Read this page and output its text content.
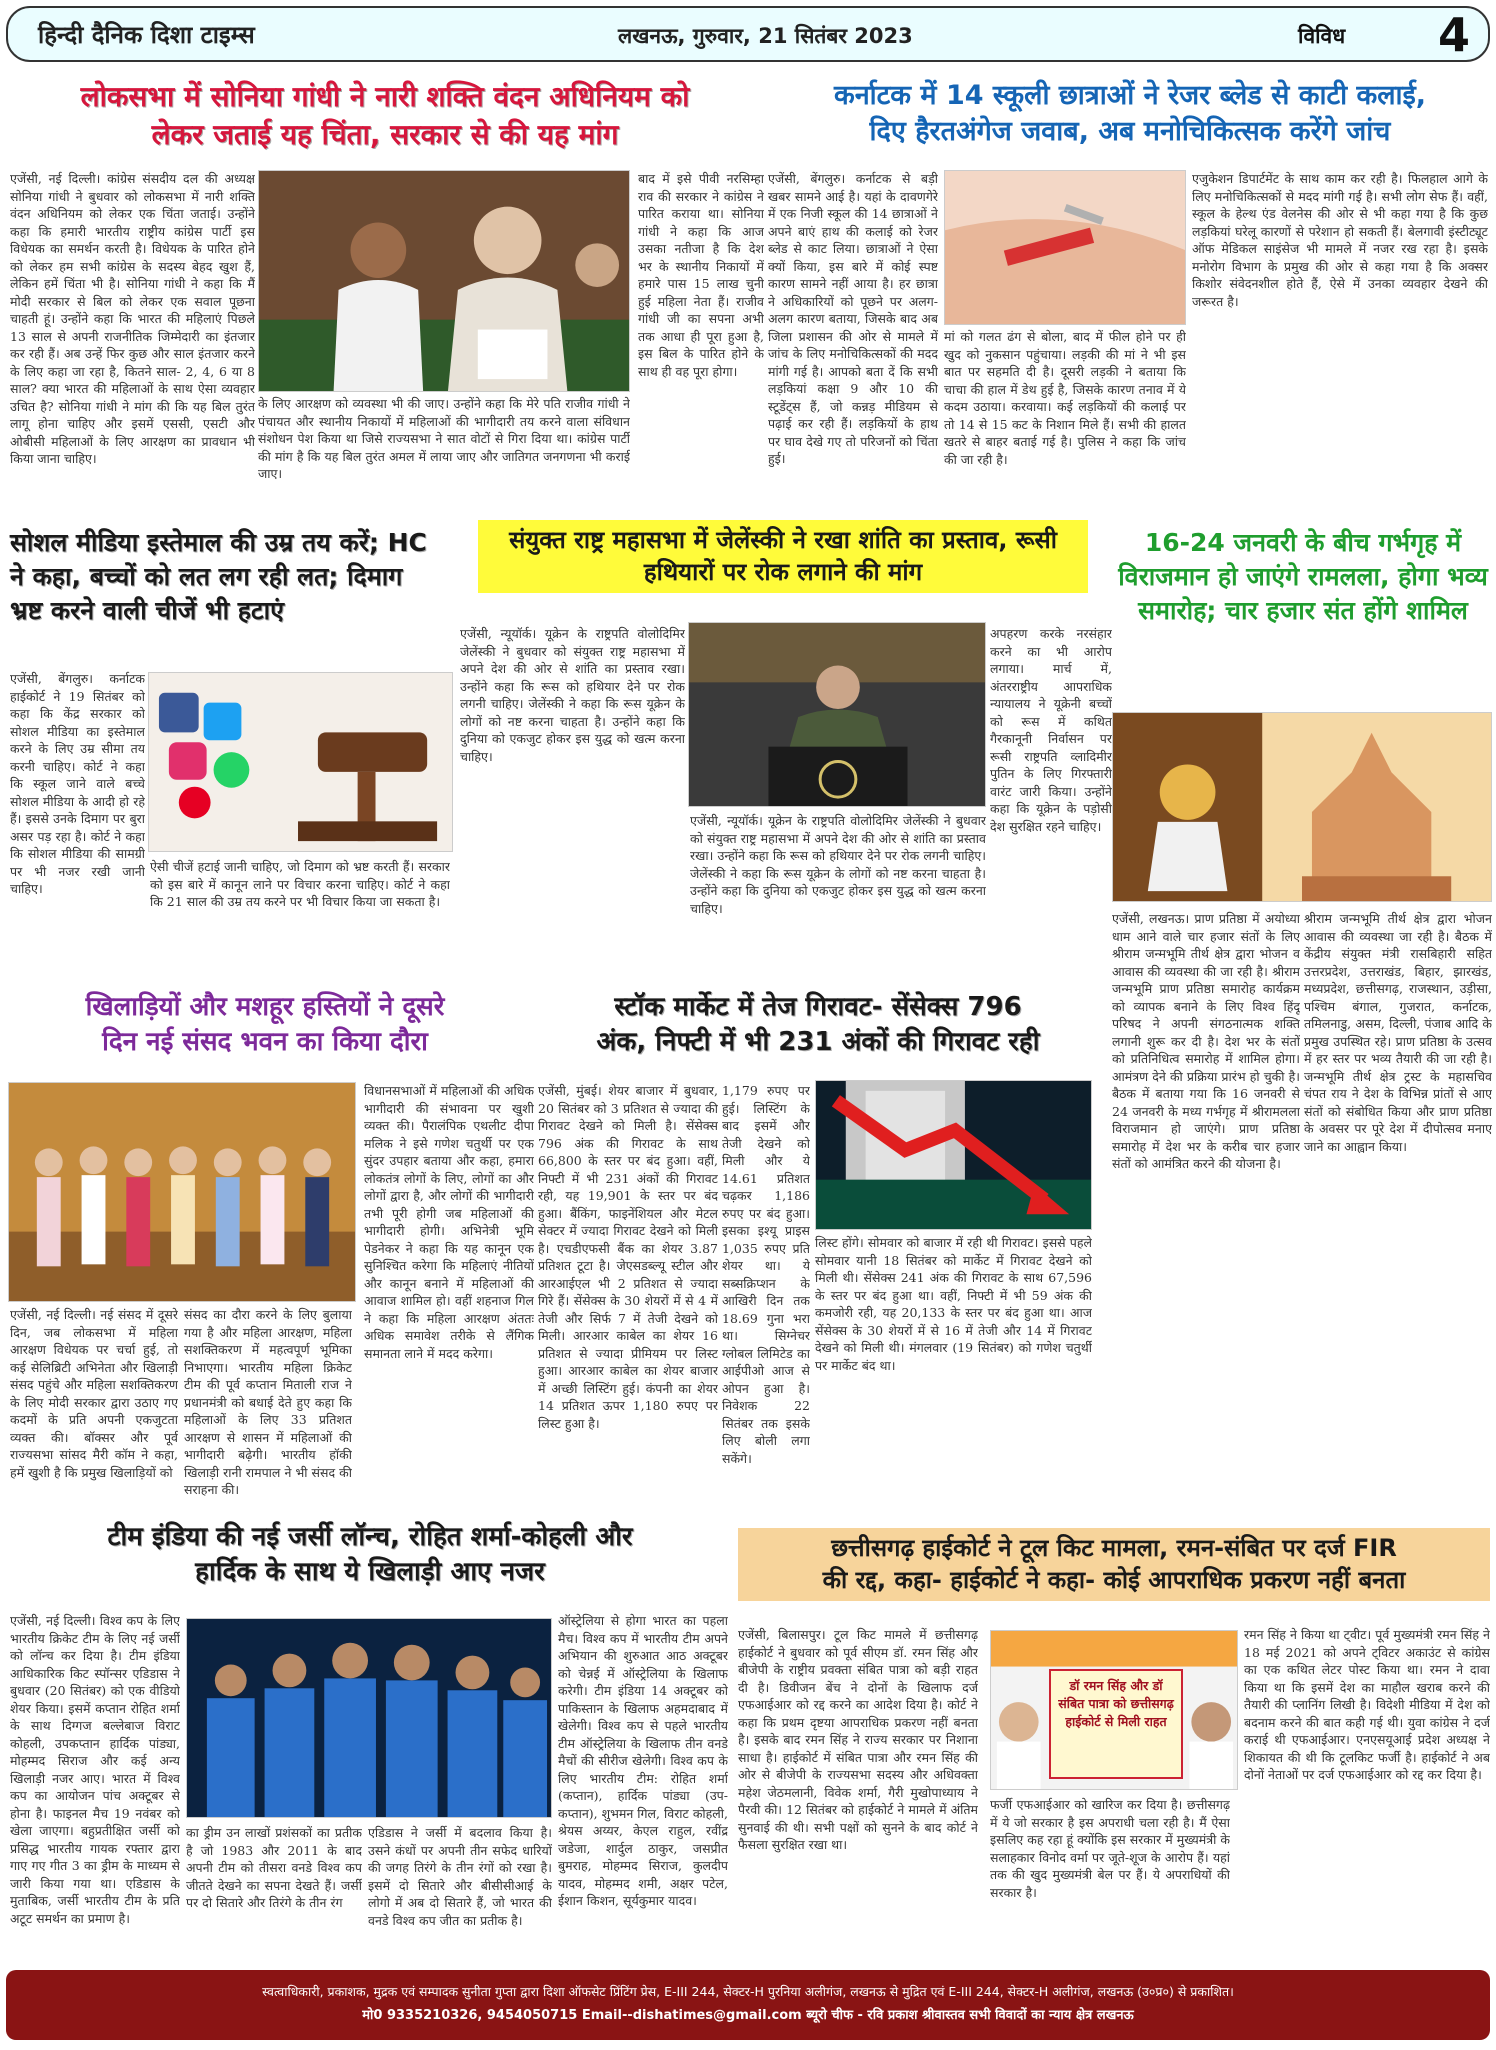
हिन्दी दैनिक दिशा टाइम्स	लखनऊ, गुरुवार, 21 सितंबर 2023	विविध 4
लोकसभा में सोनिया गांधी ने नारी शक्ति वंदन अधिनियम को
लेकर जताई यह चिंता, सरकार से की यह मांग
एजेंसी, नई दिल्ली। कांग्रेस संसदीय दल की अध्यक्ष सोनिया गांधी ने बुधवार को लोकसभा में नारी शक्ति वंदन अधिनियम को लेकर एक चिंता जताई। उन्होंने कहा कि हमारी भारतीय राष्ट्रीय कांग्रेस पार्टी इस विधेयक का समर्थन करती है। विधेयक के पारित होने को लेकर हम सभी कांग्रेस के सदस्य बेहद खुश हैं, लेकिन हमें चिंता भी है। सोनिया गांधी ने कहा कि मैं मोदी सरकार से बिल को लेकर एक सवाल पूछना चाहती हूं। उन्होंने कहा कि भारत की महिलाएं पिछले 13 साल से अपनी राजनीतिक जिम्मेदारी का इंतजार कर रही हैं। अब उन्हें फिर कुछ और साल इंतजार करने के लिए कहा जा रहा है, कितने साल- 2, 4, 6 या 8 साल? क्या भारत की महिलाओं के साथ ऐसा व्यवहार उचित है? सोनिया गांधी ने मांग की कि यह बिल तुरंत लागू होना चाहिए और इसमें एससी, एसटी और ओबीसी महिलाओं के लिए आरक्षण का प्रावधान भी किया जाना चाहिए।
के लिए आरक्षण को व्यवस्था भी की जाए। उन्होंने कहा कि मेरे पति राजीव गांधी ने पंचायत और स्थानीय निकायों में महिलाओं की भागीदारी तय करने वाला संविधान संशोधन पेश किया था जिसे राज्यसभा ने सात वोटों से गिरा दिया था। कांग्रेस पार्टी की मांग है कि यह बिल तुरंत अमल में लाया जाए और जातिगत जनगणना भी कराई जाए।
बाद में इसे पीवी नरसिम्हा राव की सरकार ने कांग्रेस ने पारित कराया था। सोनिया गांधी ने कहा कि आज उसका नतीजा है कि देश भर के स्थानीय निकायों में हमारे पास 15 लाख चुनी हुई महिला नेता हैं। राजीव गांधी जी का सपना अभी तक आधा ही पूरा हुआ है, इस बिल के पारित होने के साथ ही वह पूरा होगा।
कर्नाटक में 14 स्कूली छात्राओं ने रेजर ब्लेड से काटी कलाई,
दिए हैरतअंगेज जवाब, अब मनोचिकित्सक करेंगे जांच
एजेंसी, बेंगलुरु। कर्नाटक से बड़ी खबर सामने आई है। यहां के दावणगेरे में एक निजी स्कूल की 14 छात्राओं ने अपने बाएं हाथ की कलाई को रेजर ब्लेड से काट लिया। छात्राओं ने ऐसा क्यों किया, इस बारे में कोई स्पष्ट कारण सामने नहीं आया है। हर छात्रा ने अधिकारियों को पूछने पर अलग-अलग कारण बताया, जिसके बाद अब जिला प्रशासन की ओर से मामले में जांच के लिए मनोचिकित्सकों की मदद मांगी गई है। आपको बता दें कि सभी लड़कियां कक्षा 9 और 10 की स्टूडेंट्स हैं, जो कन्नड़ मीडियम से पढ़ाई कर रही हैं। लड़कियों के हाथ पर घाव देखे गए तो परिजनों को चिंता हुई।
मां को गलत ढंग से बोला, बाद में फील होने पर ही खुद को नुकसान पहुंचाया। लड़की की मां ने भी इस बात पर सहमति दी है। दूसरी लड़की ने बताया कि चाचा की हाल में डेथ हुई है, जिसके कारण तनाव में ये कदम उठाया। करवाया। कई लड़कियों की कलाई पर तो 14 से 15 कट के निशान मिले हैं। सभी की हालत खतरे से बाहर बताई गई है। पुलिस ने कहा कि जांच की जा रही है।
एजुकेशन डिपार्टमेंट के साथ काम कर रही है। फिलहाल आगे के लिए मनोचिकित्सकों से मदद मांगी गई है। सभी लोग सेफ हैं। वहीं, स्कूल के हेल्थ एंड वेलनेस की ओर से भी कहा गया है कि कुछ लड़कियां घरेलू कारणों से परेशान हो सकती हैं। बेलगावी इंस्टीट्यूट ऑफ मेडिकल साइंसेज भी मामले में नजर रख रहा है। इसके मनोरोग विभाग के प्रमुख की ओर से कहा गया है कि अक्सर किशोर संवेदनशील होते हैं, ऐसे में उनका व्यवहार देखने की जरूरत है।
सोशल मीडिया इस्तेमाल की उम्र तय करें; HC ने कहा, बच्चों को लत लग रही लत; दिमाग भ्रष्ट करने वाली चीजें भी हटाएं
एजेंसी, बेंगलुरु। कर्नाटक हाईकोर्ट ने 19 सितंबर को कहा कि केंद्र सरकार को सोशल मीडिया का इस्तेमाल करने के लिए उम्र सीमा तय करनी चाहिए। कोर्ट ने कहा कि स्कूल जाने वाले बच्चे सोशल मीडिया के आदी हो रहे हैं। इससे उनके दिमाग पर बुरा असर पड़ रहा है। कोर्ट ने कहा कि सोशल मीडिया की सामग्री पर भी नजर रखी जानी चाहिए।
ऐसी चीजें हटाई जानी चाहिए, जो दिमाग को भ्रष्ट करती हैं। सरकार को इस बारे में कानून लाने पर विचार करना चाहिए। कोर्ट ने कहा कि 21 साल की उम्र तय करने पर भी विचार किया जा सकता है।
संयुक्त राष्ट्र महासभा में जेलेंस्की ने रखा शांति का प्रस्ताव, रूसी हथियारों पर रोक लगाने की मांग
एजेंसी, न्यूयॉर्क। यूक्रेन के राष्ट्रपति वोलोदिमिर जेलेंस्की ने बुधवार को संयुक्त राष्ट्र महासभा में अपने देश की ओर से शांति का प्रस्ताव रखा। उन्होंने कहा कि रूस को हथियार देने पर रोक लगनी चाहिए। जेलेंस्की ने कहा कि रूस यूक्रेन के लोगों को नष्ट करना चाहता है। उन्होंने कहा कि दुनिया को एकजुट होकर इस युद्ध को खत्म करना चाहिए।
एजेंसी, न्यूयॉर्क। यूक्रेन के राष्ट्रपति वोलोदिमिर जेलेंस्की ने बुधवार को संयुक्त राष्ट्र महासभा में अपने देश की ओर से शांति का प्रस्ताव रखा। उन्होंने कहा कि रूस को हथियार देने पर रोक लगनी चाहिए। जेलेंस्की ने कहा कि रूस यूक्रेन के लोगों को नष्ट करना चाहता है। उन्होंने कहा कि दुनिया को एकजुट होकर इस युद्ध को खत्म करना चाहिए।
अपहरण करके नरसंहार करने का भी आरोप लगाया। मार्च में, अंतरराष्ट्रीय आपराधिक न्यायालय ने यूक्रेनी बच्चों को रूस में कथित गैरकानूनी निर्वासन पर रूसी राष्ट्रपति व्लादिमीर पुतिन के लिए गिरफ्तारी वारंट जारी किया। उन्होंने कहा कि यूक्रेन के पड़ोसी देश सुरक्षित रहने चाहिए।
16-24 जनवरी के बीच गर्भगृह में विराजमान हो जाएंगे रामलला, होगा भव्य समारोह; चार हजार संत होंगे शामिल
एजेंसी, लखनऊ। प्राण प्रतिष्ठा में अयोध्या धाम आने वाले चार हजार संतों के लिए श्रीराम जन्मभूमि तीर्थ क्षेत्र द्वारा भोजन व आवास की व्यवस्था की जा रही है। श्रीराम जन्मभूमि प्राण प्रतिष्ठा समारोह कार्यक्रम को व्यापक बनाने के लिए विश्व हिंदू परिषद ने अपनी संगठनात्मक शक्ति लगानी शुरू कर दी है। देश भर के संतों को प्रतिनिधित्व समारोह में शामिल होगा। आमंत्रण देने की प्रक्रिया प्रारंभ हो चुकी है। बैठक में बताया गया कि 16 जनवरी से 24 जनवरी के मध्य गर्भगृह में श्रीरामलला विराजमान हो जाएंगे। प्राण प्रतिष्ठा समारोह में देश भर के करीब चार हजार संतों को आमंत्रित करने की योजना है।
श्रीराम जन्मभूमि तीर्थ क्षेत्र द्वारा भोजन आवास की व्यवस्था जा रही है। बैठक में केंद्रीय संयुक्त मंत्री रासबिहारी सहित उत्तरप्रदेश, उत्तराखंड, बिहार, झारखंड, मध्यप्रदेश, छत्तीसगढ़, राजस्थान, उड़ीसा, पश्चिम बंगाल, गुजरात, कर्नाटक, तमिलनाडु, असम, दिल्ली, पंजाब आदि के प्रमुख उपस्थित रहे। प्राण प्रतिष्ठा के उत्सव में हर स्तर पर भव्य तैयारी की जा रही है। जन्मभूमि तीर्थ क्षेत्र ट्रस्ट के महासचिव चंपत राय ने देश के विभिन्न प्रांतों से आए संतों को संबोधित किया और प्राण प्रतिष्ठा के अवसर पर पूरे देश में दीपोत्सव मनाए जाने का आह्वान किया।
खिलाड़ियों और मशहूर हस्तियों ने दूसरे
दिन नई संसद भवन का किया दौरा
एजेंसी, नई दिल्ली। नई संसद में दूसरे दिन, जब लोकसभा में महिला आरक्षण विधेयक पर चर्चा हुई, तो कई सेलिब्रिटी अभिनेता और खिलाड़ी संसद पहुंचे और महिला सशक्तिकरण के लिए मोदी सरकार द्वारा उठाए गए कदमों के प्रति अपनी एकजुटता व्यक्त की। बॉक्सर और पूर्व राज्यसभा सांसद मैरी कॉम ने कहा, हमें खुशी है कि प्रमुख खिलाड़ियों को
संसद का दौरा करने के लिए बुलाया गया है और महिला आरक्षण, महिला सशक्तिकरण में महत्वपूर्ण भूमिका निभाएगा। भारतीय महिला क्रिकेट टीम की पूर्व कप्तान मिताली राज ने प्रधानमंत्री को बधाई देते हुए कहा कि महिलाओं के लिए 33 प्रतिशत आरक्षण से शासन में महिलाओं की भागीदारी बढ़ेगी। भारतीय हॉकी खिलाड़ी रानी रामपाल ने भी संसद की सराहना की।
विधानसभाओं में महिलाओं की अधिक भागीदारी की संभावना पर खुशी व्यक्त की। पैरालंपिक एथलीट दीपा मलिक ने इसे गणेश चतुर्थी पर एक सुंदर उपहार बताया और कहा, हमारा लोकतंत्र लोगों के लिए, लोगों का और लोगों द्वारा है, और लोगों की भागीदारी तभी पूरी होगी जब महिलाओं की भागीदारी होगी। अभिनेत्री भूमि पेडनेकर ने कहा कि यह कानून एक सुनिश्चित करेगा कि महिलाएं नीतियों और कानून बनाने में महिलाओं की आवाज शामिल हो। वहीं शहनाज गिल ने कहा कि महिला आरक्षण अंततः अधिक समावेश तरीके से लैंगिक समानता लाने में मदद करेगा।
स्टॉक मार्केट में तेज गिरावट- सेंसेक्स 796
अंक, निफ्टी में भी 231 अंकों की गिरावट रही
एजेंसी, मुंबई। शेयर बाजार में बुधवार, 20 सितंबर को 3 प्रतिशत से ज्यादा की गिरावट देखने को मिली है। सेंसेक्स 796 अंक की गिरावट के साथ 66,800 के स्तर पर बंद हुआ। वहीं, निफ्टी में भी 231 अंकों की गिरावट रही, यह 19,901 के स्तर पर बंद हुआ। बैंकिंग, फाइनेंशियल और मेटल सेक्टर में ज्यादा गिरावट देखने को मिली है। एचडीएफसी बैंक का शेयर 3.87 प्रतिशत टूटा है। जेएसडब्ल्यू स्टील और आरआईएल भी 2 प्रतिशत से ज्यादा गिरे हैं। सेंसेक्स के 30 शेयरों में से 4 में तेजी और सिर्फ 7 में तेजी देखने को मिली। आरआर काबेल का शेयर 16 प्रतिशत से ज्यादा प्रीमियम पर लिस्ट हुआ। आरआर काबेल का शेयर बाजार में अच्छी लिस्टिंग हुई। कंपनी का शेयर 14 प्रतिशत ऊपर 1,180 रुपए पर लिस्ट हुआ है।
1,179 रुपए पर हुई। लिस्टिंग के बाद इसमें और तेजी देखने को मिली और ये 14.61 प्रतिशत चढ़कर 1,186 रुपए पर बंद हुआ। इसका इश्यू प्राइस 1,035 रुपए प्रति शेयर था। ये सब्सक्रिप्शन के आखिरी दिन तक 18.69 गुना भरा था। सिग्नेचर ग्लोबल लिमिटेड का आईपीओ आज से ओपन हुआ है। निवेशक 22 सितंबर तक इसके लिए बोली लगा सकेंगे।
लिस्ट होंगे। सोमवार को बाजार में रही थी गिरावट। इससे पहले सोमवार यानी 18 सितंबर को मार्केट में गिरावट देखने को मिली थी। सेंसेक्स 241 अंक की गिरावट के साथ 67,596 के स्तर पर बंद हुआ था। वहीं, निफ्टी में भी 59 अंक की कमजोरी रही, यह 20,133 के स्तर पर बंद हुआ था। आज सेंसेक्स के 30 शेयरों में से 16 में तेजी और 14 में गिरावट देखने को मिली थी। मंगलवार (19 सितंबर) को गणेश चतुर्थी पर मार्केट बंद था।
टीम इंडिया की नई जर्सी लॉन्च, रोहित शर्मा-कोहली और
हार्दिक के साथ ये खिलाड़ी आए नजर
एजेंसी, नई दिल्ली। विश्व कप के लिए भारतीय क्रिकेट टीम के लिए नई जर्सी को लॉन्च कर दिया है। टीम इंडिया आधिकारिक किट स्पॉन्सर एडिडास ने बुधवार (20 सितंबर) को एक वीडियो शेयर किया। इसमें कप्तान रोहित शर्मा के साथ दिग्गज बल्लेबाज विराट कोहली, उपकप्तान हार्दिक पांड्या, मोहम्मद सिराज और कई अन्य खिलाड़ी नजर आए। भारत में विश्व कप का आयोजन पांच अक्टूबर से होना है। फाइनल मैच 19 नवंबर को खेला जाएगा। बहुप्रतीक्षित जर्सी को प्रसिद्ध भारतीय गायक रफ्तार द्वारा गाए गए गीत 3 का ड्रीम के माध्यम से जारी किया गया था। एडिडास के मुताबिक, जर्सी भारतीय टीम के प्रति अटूट समर्थन का प्रमाण है।
का ड्रीम उन लाखों प्रशंसकों का प्रतीक है जो 1983 और 2011 के बाद अपनी टीम को तीसरा वनडे विश्व कप जीतते देखने का सपना देखते हैं। जर्सी पर दो सितारे और तिरंगे के तीन रंग
एडिडास ने जर्सी में बदलाव किया है। उसने कंधों पर अपनी तीन सफेद धारियों की जगह तिरंगे के तीन रंगों को रखा है। इसमें दो सितारे और बीसीसीआई के लोगो में अब दो सितारे हैं, जो भारत की वनडे विश्व कप जीत का प्रतीक है।
ऑस्ट्रेलिया से होगा भारत का पहला मैच। विश्व कप में भारतीय टीम अपने अभियान की शुरुआत आठ अक्टूबर को चेन्नई में ऑस्ट्रेलिया के खिलाफ करेगी। टीम इंडिया 14 अक्टूबर को पाकिस्तान के खिलाफ अहमदाबाद में खेलेगी। विश्व कप से पहले भारतीय टीम ऑस्ट्रेलिया के खिलाफ तीन वनडे मैचों की सीरीज खेलेगी। विश्व कप के लिए भारतीय टीम: रोहित शर्मा (कप्तान), हार्दिक पांड्या (उप-कप्तान), शुभमन गिल, विराट कोहली, श्रेयस अय्यर, केएल राहुल, रवींद्र जडेजा, शार्दुल ठाकुर, जसप्रीत बुमराह, मोहम्मद सिराज, कुलदीप यादव, मोहम्मद शमी, अक्षर पटेल, ईशान किशन, सूर्यकुमार यादव।
छत्तीसगढ़ हाईकोर्ट ने टूल किट मामला, रमन-संबित पर दर्ज FIR
की रद्द, कहा- हाईकोर्ट ने कहा- कोई आपराधिक प्रकरण नहीं बनता
एजेंसी, बिलासपुर। टूल किट मामले में छत्तीसगढ़ हाईकोर्ट ने बुधवार को पूर्व सीएम डॉ. रमन सिंह और बीजेपी के राष्ट्रीय प्रवक्ता संबित पात्रा को बड़ी राहत दी है। डिवीजन बेंच ने दोनों के खिलाफ दर्ज एफआईआर को रद्द करने का आदेश दिया है। कोर्ट ने कहा कि प्रथम दृष्टया आपराधिक प्रकरण नहीं बनता है। इसके बाद रमन सिंह ने राज्य सरकार पर निशाना साधा है। हाईकोर्ट में संबित पात्रा और रमन सिंह की ओर से बीजेपी के राज्यसभा सदस्य और अधिवक्ता महेश जेठमलानी, विवेक शर्मा, गैरी मुखोपाध्याय ने पैरवी की। 12 सितंबर को हाईकोर्ट ने मामले में अंतिम सुनवाई की थी। सभी पक्षों को सुनने के बाद कोर्ट ने फैसला सुरक्षित रखा था।
डॉ रमन सिंह और डॉ संबित पात्रा को छत्तीसगढ़ हाईकोर्ट से मिली राहत
फर्जी एफआईआर को खारिज कर दिया है। छत्तीसगढ़ में ये जो सरकार है इस अपराधी चला रही है। मैं ऐसा इसलिए कह रहा हूं क्योंकि इस सरकार में मुख्यमंत्री के सलाहकार विनोद वर्मा पर जूते-शूज के आरोप हैं। यहां तक की खुद मुख्यमंत्री बेल पर हैं। ये अपराधियों की सरकार है।
रमन सिंह ने किया था ट्वीट। पूर्व मुख्यमंत्री रमन सिंह ने 18 मई 2021 को अपने ट्विटर अकाउंट से कांग्रेस का एक कथित लेटर पोस्ट किया था। रमन ने दावा किया था कि इसमें देश का माहौल खराब करने की तैयारी की प्लानिंग लिखी है। विदेशी मीडिया में देश को बदनाम करने की बात कही गई थी। युवा कांग्रेस ने दर्ज कराई थी एफआईआर। एनएसयूआई प्रदेश अध्यक्ष ने शिकायत की थी कि टूलकिट फर्जी है। हाईकोर्ट ने अब दोनों नेताओं पर दर्ज एफआईआर को रद्द कर दिया है।
स्वत्वाधिकारी, प्रकाशक, मुद्रक एवं सम्पादक सुनीता गुप्ता द्वारा दिशा ऑफसेट प्रिंटिंग प्रेस, E-III 244, सेक्टर-H पुरनिया अलीगंज, लखनऊ से मुद्रित एवं E-III 244, सेक्टर-H अलीगंज, लखनऊ (उ०प्र०) से प्रकाशित।
मो0 9335210326, 9454050715 Email--dishatimes@gmail.com ब्यूरो चीफ - रवि प्रकाश श्रीवास्तव सभी विवादों का न्याय क्षेत्र लखनऊ
